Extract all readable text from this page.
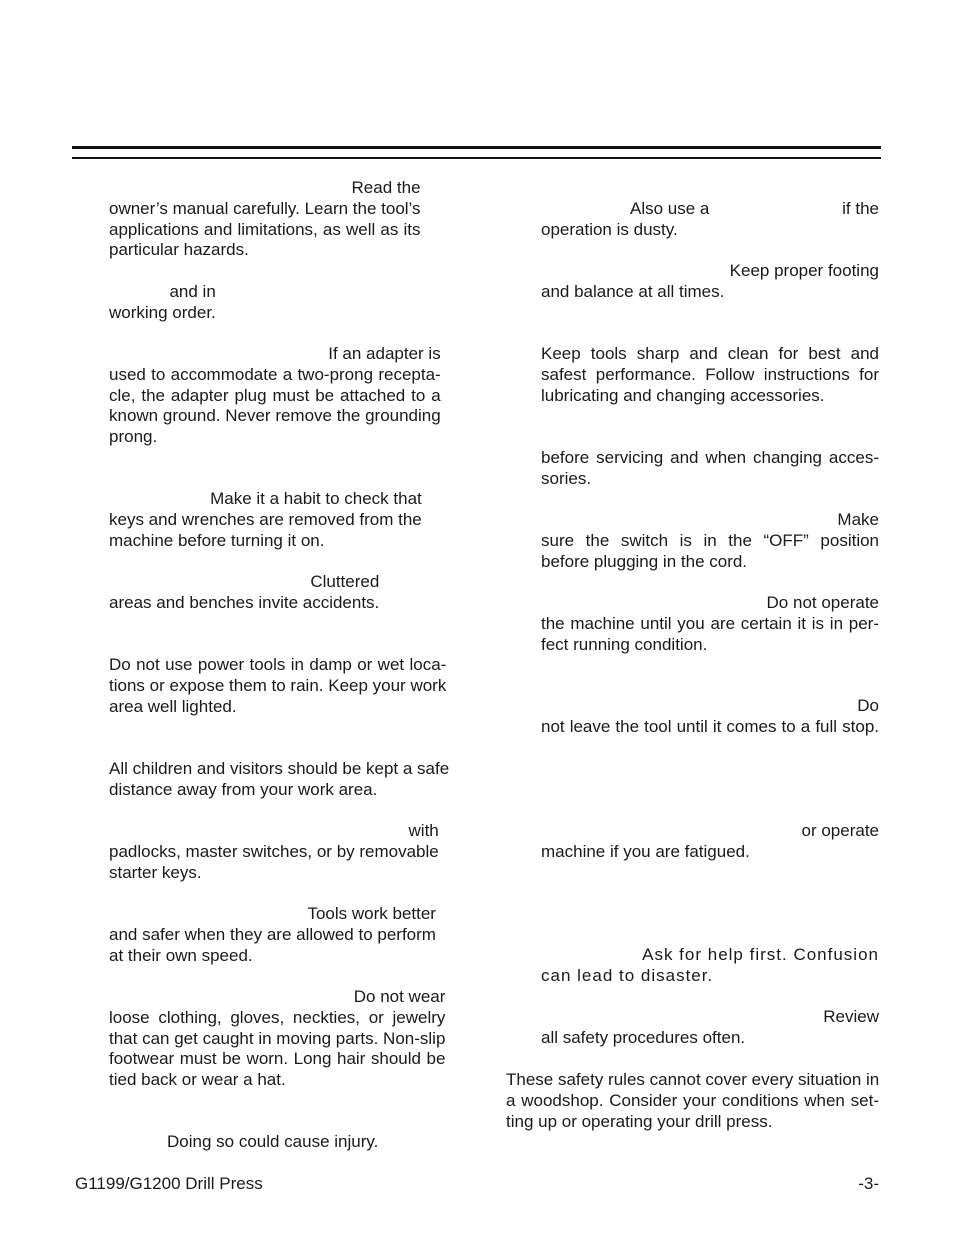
Read the
owner’s manual carefully. Learn the tool’s
applications and limitations, as well as its
particular hazards.
and in
working order.
If an adapter is
used to accommodate a two-prong recepta-
cle, the adapter plug must be attached to a
known ground. Never remove the grounding
prong.
Make it a habit to check that
keys and wrenches are removed from the
machine before turning it on.
Cluttered
areas and benches invite accidents.
Do not use power tools in damp or wet loca-
tions or expose them to rain. Keep your work
area well lighted.
All children and visitors should be kept a safe
distance away from your work area.
with
padlocks, master switches, or by removable
starter keys.
Tools work better
and safer when they are allowed to perform
at their own speed.
Do not wear
loose clothing, gloves, neckties, or jewelry
that can get caught in moving parts. Non-slip
footwear must be worn. Long hair should be
tied back or wear a hat.
Doing so could cause injury.
Also use a	if the
operation is dusty.
Keep proper footing
and balance at all times.
Keep tools sharp and clean for best and
safest performance. Follow instructions for
lubricating and changing accessories.
before servicing and when changing acces-
sories.
Make
sure the switch is in the “OFF” position
before plugging in the cord.
Do not operate
the machine until you are certain it is in per-
fect running condition.
Do
not leave the tool until it comes to a full stop.
or operate
machine if you are fatigued.
Ask for help first. Confusion
can lead to disaster.
Review
all safety procedures often.
These safety rules cannot cover every situation in
a woodshop. Consider your conditions when set-
ting up or operating your drill press.
G1199/G1200 Drill Press	-3-
